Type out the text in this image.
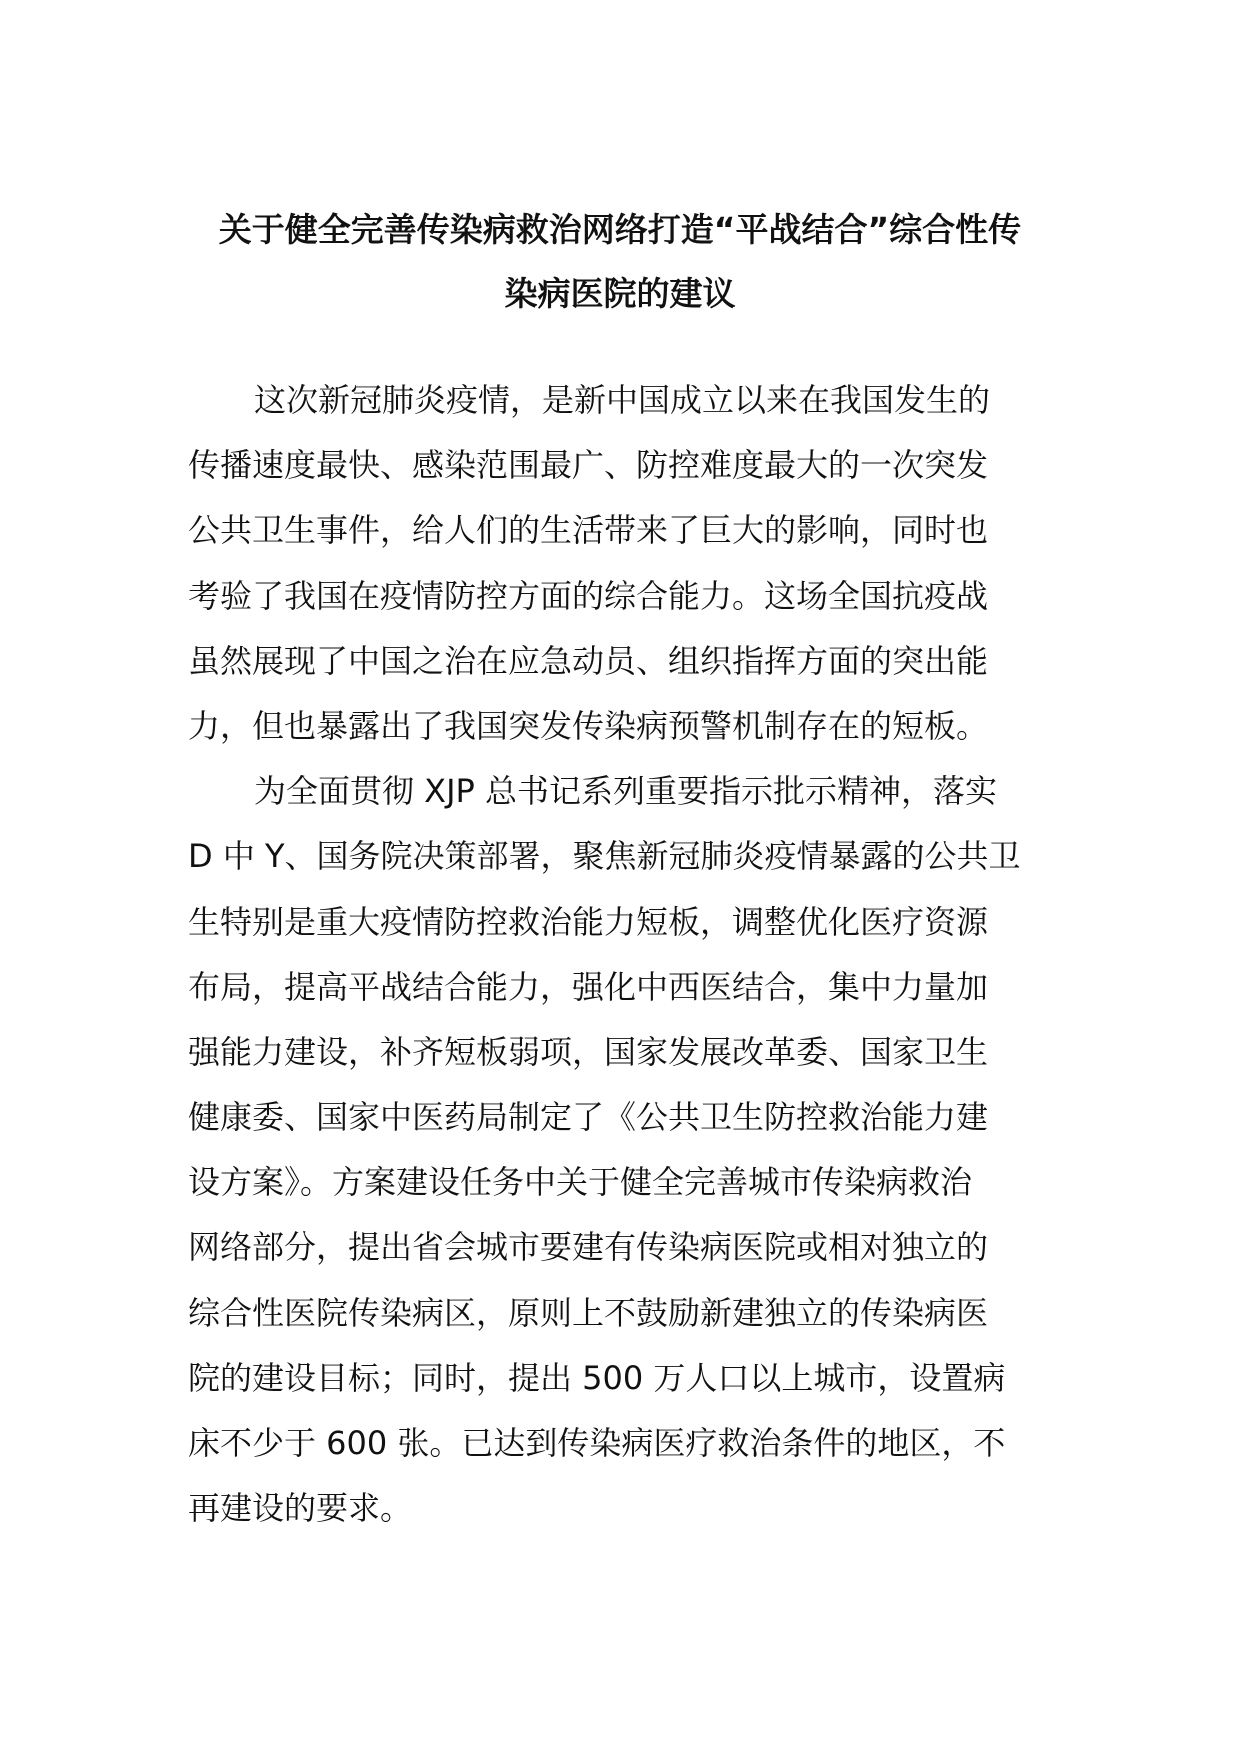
关于健全完善传染病救治网络打造“平战结合”综合性传
染病医院的建议
这次新冠肺炎疫情，是新中国成立以来在我国发生的
传播速度最快、感染范围最广、防控难度最大的一次突发
公共卫生事件，给人们的生活带来了巨大的影响，同时也
考验了我国在疫情防控方面的综合能力。这场全国抗疫战
虽然展现了中国之治在应急动员、组织指挥方面的突出能
力，但也暴露出了我国突发传染病预警机制存在的短板。
为全面贯彻 XJP 总书记系列重要指示批示精神，落实
D 中 Y、国务院决策部署，聚焦新冠肺炎疫情暴露的公共卫
生特别是重大疫情防控救治能力短板，调整优化医疗资源
布局，提高平战结合能力，强化中西医结合，集中力量加
强能力建设，补齐短板弱项，国家发展改革委、国家卫生
健康委、国家中医药局制定了《公共卫生防控救治能力建
设方案》。方案建设任务中关于健全完善城市传染病救治
网络部分，提出省会城市要建有传染病医院或相对独立的
综合性医院传染病区，原则上不鼓励新建独立的传染病医
院的建设目标；同时，提出 500 万人口以上城市，设置病
床不少于 600 张。已达到传染病医疗救治条件的地区，不
再建设的要求。
